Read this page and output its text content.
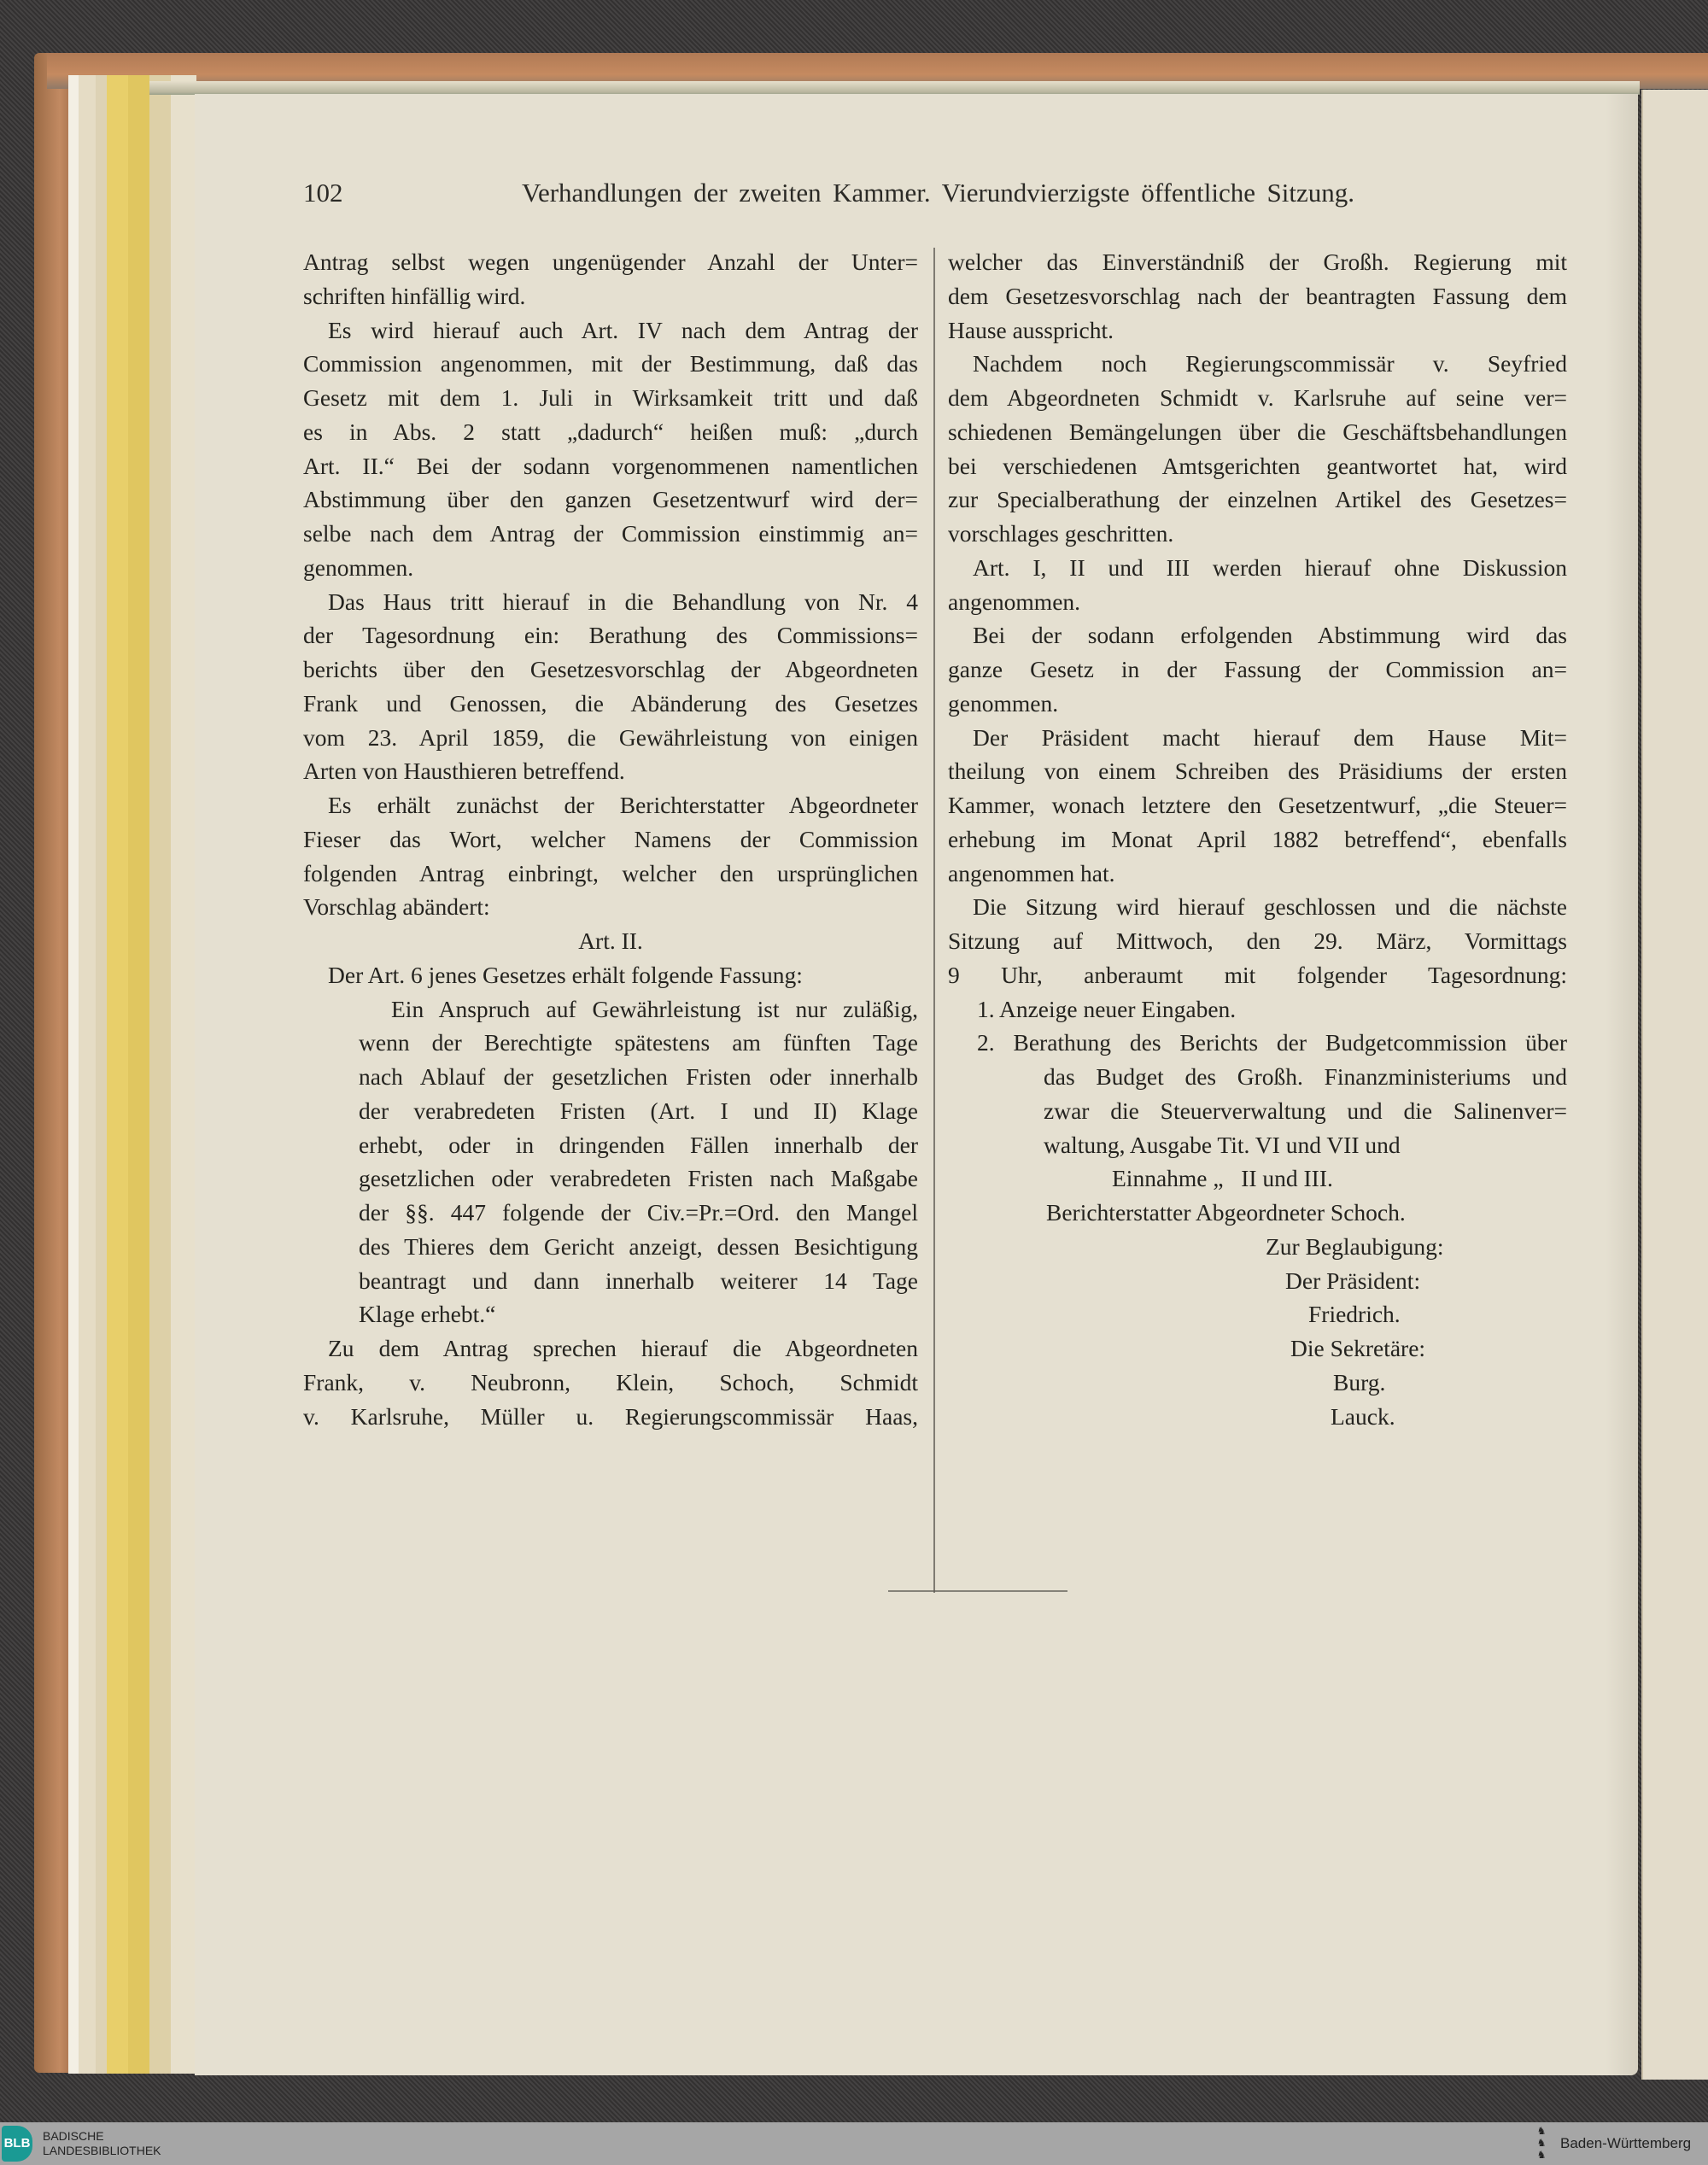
102	Verhandlungen der zweiten Kammer. Vierundvierzigste öffentliche Sitzung.
Antrag selbst wegen ungenügender Anzahl der Unter=
schriften hinfällig wird.
Es wird hierauf auch Art. IV nach dem Antrag der
Commission angenommen, mit der Bestimmung, daß das
Gesetz mit dem 1. Juli in Wirksamkeit tritt und daß
es in Abs. 2 statt „dadurch“ heißen muß: „durch
Art. II.“ Bei der sodann vorgenommenen namentlichen
Abstimmung über den ganzen Gesetzentwurf wird der=
selbe nach dem Antrag der Commission einstimmig an=
genommen.
Das Haus tritt hierauf in die Behandlung von Nr. 4
der Tagesordnung ein: Berathung des Commissions=
berichts über den Gesetzesvorschlag der Abgeordneten
Frank und Genossen, die Abänderung des Gesetzes
vom 23. April 1859, die Gewährleistung von einigen
Arten von Hausthieren betreffend.
Es erhält zunächst der Berichterstatter Abgeordneter
Fieser das Wort, welcher Namens der Commission
folgenden Antrag einbringt, welcher den ursprünglichen
Vorschlag abändert:
Art. II.
Der Art. 6 jenes Gesetzes erhält folgende Fassung:
Ein Anspruch auf Gewährleistung ist nur zuläßig,
wenn der Berechtigte spätestens am fünften Tage
nach Ablauf der gesetzlichen Fristen oder innerhalb
der verabredeten Fristen (Art. I und II) Klage
erhebt, oder in dringenden Fällen innerhalb der
gesetzlichen oder verabredeten Fristen nach Maßgabe
der §§. 447 folgende der Civ.=Pr.=Ord. den Mangel
des Thieres dem Gericht anzeigt, dessen Besichtigung
beantragt und dann innerhalb weiterer 14 Tage
Klage erhebt.“
Zu dem Antrag sprechen hierauf die Abgeordneten
Frank, v. Neubronn, Klein, Schoch, Schmidt
v. Karlsruhe, Müller u. Regierungscommissär Haas,
welcher das Einverständniß der Großh. Regierung mit
dem Gesetzesvorschlag nach der beantragten Fassung dem
Hause ausspricht.
Nachdem noch Regierungscommissär v. Seyfried
dem Abgeordneten Schmidt v. Karlsruhe auf seine ver=
schiedenen Bemängelungen über die Geschäftsbehandlungen
bei verschiedenen Amtsgerichten geantwortet hat, wird
zur Specialberathung der einzelnen Artikel des Gesetzes=
vorschlages geschritten.
Art. I, II und III werden hierauf ohne Diskussion
angenommen.
Bei der sodann erfolgenden Abstimmung wird das
ganze Gesetz in der Fassung der Commission an=
genommen.
Der Präsident macht hierauf dem Hause Mit=
theilung von einem Schreiben des Präsidiums der ersten
Kammer, wonach letztere den Gesetzentwurf, „die Steuer=
erhebung im Monat April 1882 betreffend“, ebenfalls
angenommen hat.
Die Sitzung wird hierauf geschlossen und die nächste
Sitzung auf Mittwoch, den 29. März, Vormittags
9 Uhr, anberaumt mit folgender Tagesordnung:
1. Anzeige neuer Eingaben.
2. Berathung des Berichts der Budgetcommission über
das Budget des Großh. Finanzministeriums und
zwar die Steuerverwaltung und die Salinenver=
waltung, Ausgabe Tit. VI und VII und
Einnahme „   II und III.
Berichterstatter Abgeordneter Schoch.
Zur Beglaubigung:
Der Präsident:
Friedrich.
Die Sekretäre:
Burg.
Lauck.
BLB BADISCHE
LANDESBIBLIOTHEK
♞
♞
♞
Baden-Württemberg
